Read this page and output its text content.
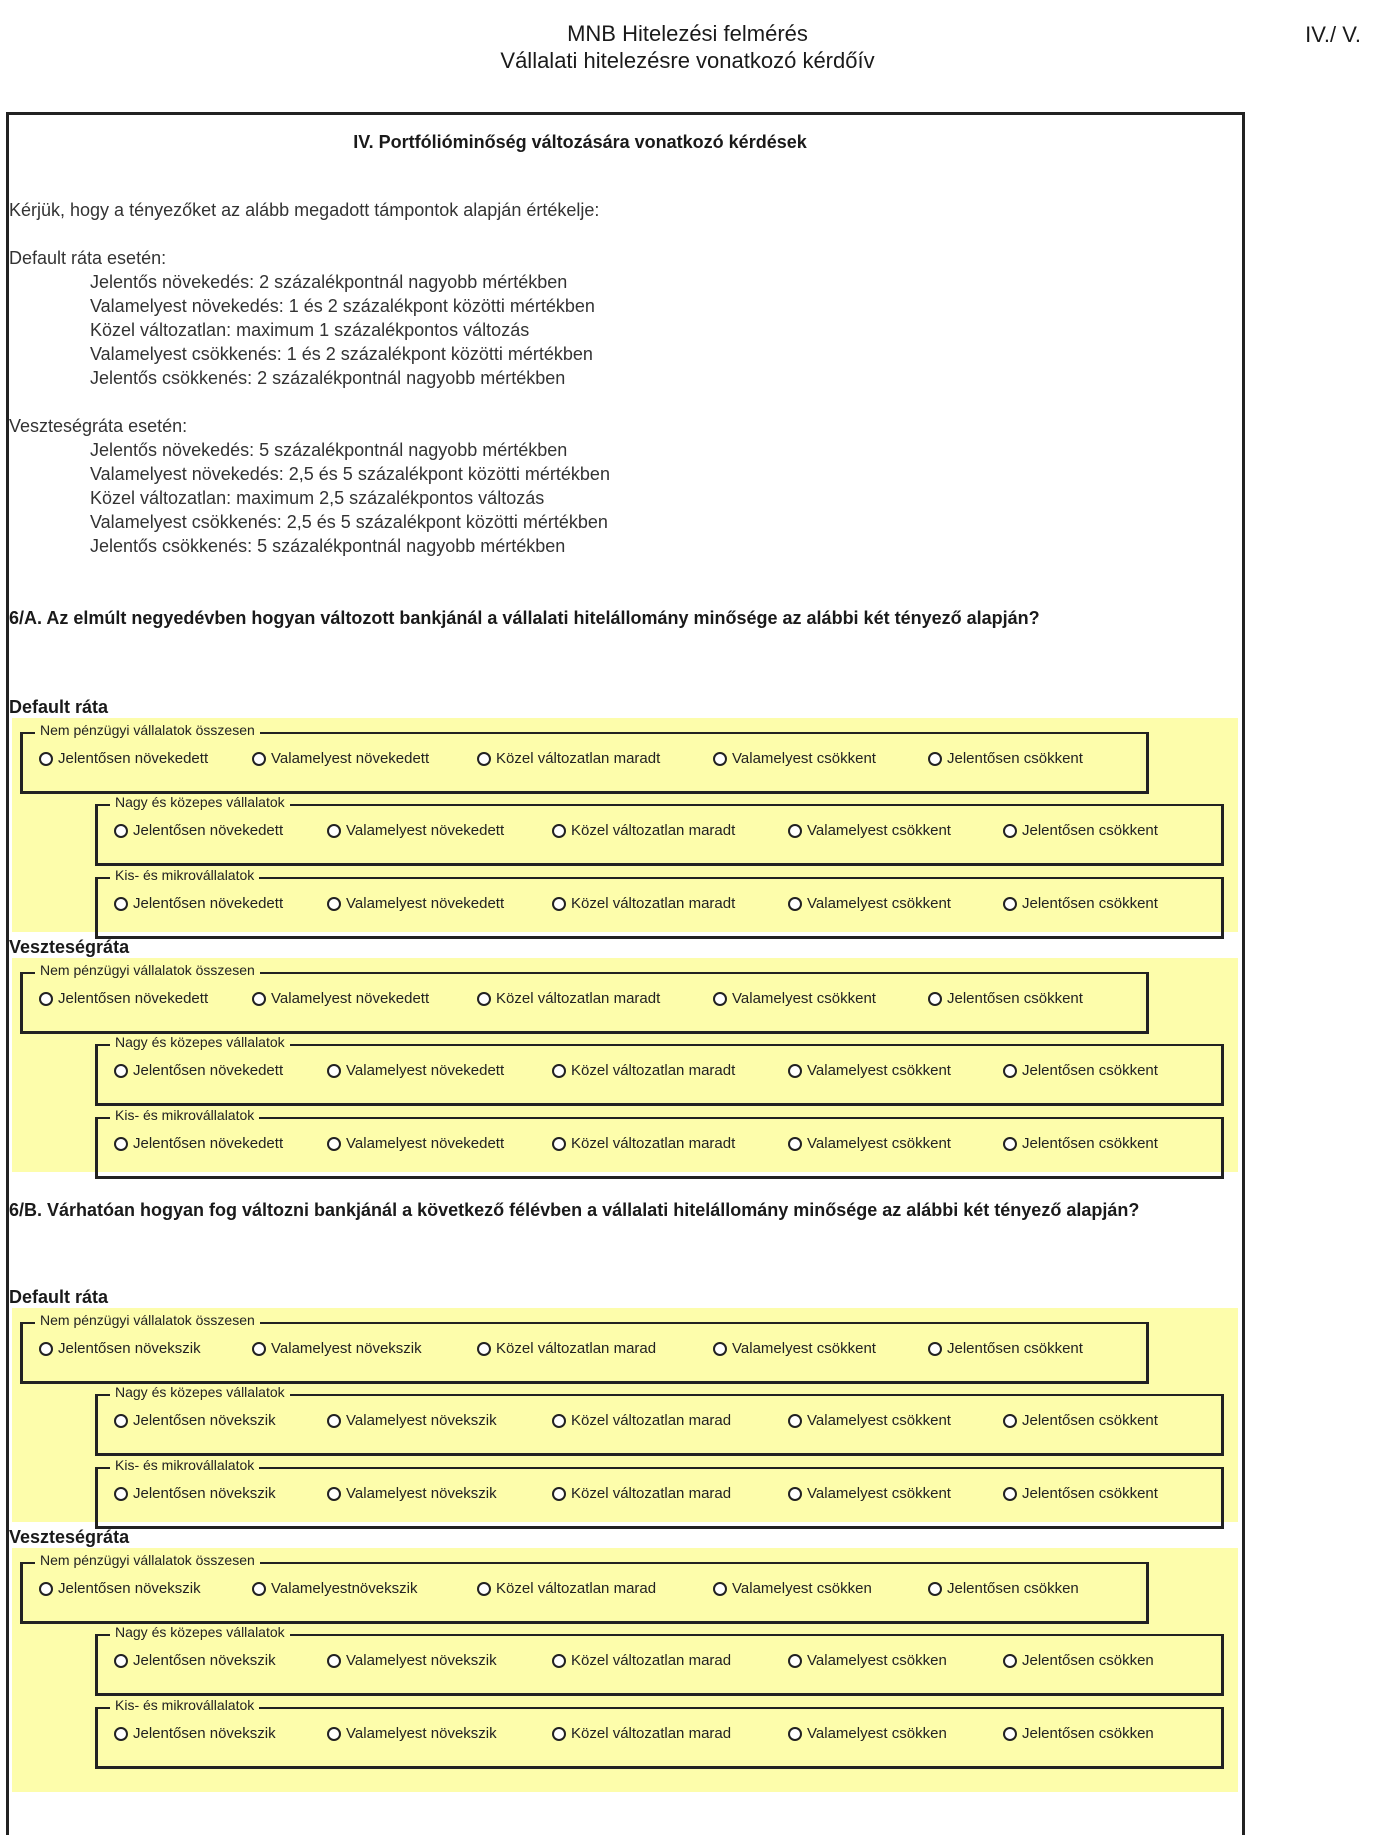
MNB Hitelezési felmérés
Vállalati hitelezésre vonatkozó kérdőív
IV./ V.
IV. Portfólióminőség változására vonatkozó kérdések
Kérjük, hogy a tényezőket az alább megadott támpontok alapján értékelje:
Default ráta esetén:
Jelentős növekedés: 2 százalékpontnál nagyobb mértékben
Valamelyest növekedés: 1 és 2 százalékpont közötti mértékben
Közel változatlan: maximum 1 százalékpontos változás
Valamelyest csökkenés: 1 és 2 százalékpont közötti mértékben
Jelentős csökkenés: 2 százalékpontnál nagyobb mértékben
Veszteségráta esetén:
Jelentős növekedés: 5 százalékpontnál nagyobb mértékben
Valamelyest növekedés: 2,5 és 5 százalékpont közötti mértékben
Közel változatlan: maximum 2,5 százalékpontos változás
Valamelyest csökkenés: 2,5 és 5 százalékpont közötti mértékben
Jelentős csökkenés: 5 százalékpontnál nagyobb mértékben
6/A. Az elmúlt negyedévben hogyan változott bankjánál a vállalati hitelállomány minősége az alábbi két tényező alapján?
Default ráta
Veszteségráta
6/B. Várhatóan hogyan fog változni bankjánál a következő félévben a vállalati hitelállomány minősége az alábbi két tényező alapján?
Default ráta
Veszteségráta
Nem pénzügyi vállalatok összesen
Jelentősen növekedett	Valamelyest növekedett	Közel változatlan maradt	Valamelyest csökkent	Jelentősen csökkent
Nagy és közepes vállalatok
Jelentősen növekedett	Valamelyest növekedett	Közel változatlan maradt	Valamelyest csökkent	Jelentősen csökkent
Kis- és mikrovállalatok
Jelentősen növekedett	Valamelyest növekedett	Közel változatlan maradt	Valamelyest csökkent	Jelentősen csökkent
Nem pénzügyi vállalatok összesen
Jelentősen növekedett	Valamelyest növekedett	Közel változatlan maradt	Valamelyest csökkent	Jelentősen csökkent
Nagy és közepes vállalatok
Jelentősen növekedett	Valamelyest növekedett	Közel változatlan maradt	Valamelyest csökkent	Jelentősen csökkent
Kis- és mikrovállalatok
Jelentősen növekedett	Valamelyest növekedett	Közel változatlan maradt	Valamelyest csökkent	Jelentősen csökkent
Nem pénzügyi vállalatok összesen
Jelentősen növekszik	Valamelyest növekszik	Közel változatlan marad	Valamelyest csökkent	Jelentősen csökkent
Nagy és közepes vállalatok
Jelentősen növekszik	Valamelyest növekszik	Közel változatlan marad	Valamelyest csökkent	Jelentősen csökkent
Kis- és mikrovállalatok
Jelentősen növekszik	Valamelyest növekszik	Közel változatlan marad	Valamelyest csökkent	Jelentősen csökkent
Nem pénzügyi vállalatok összesen
Jelentősen növekszik	Valamelyestnövekszik	Közel változatlan marad	Valamelyest csökken	Jelentősen csökken
Nagy és közepes vállalatok
Jelentősen növekszik	Valamelyest növekszik	Közel változatlan marad	Valamelyest csökken	Jelentősen csökken
Kis- és mikrovállalatok
Jelentősen növekszik	Valamelyest növekszik	Közel változatlan marad	Valamelyest csökken	Jelentősen csökken
